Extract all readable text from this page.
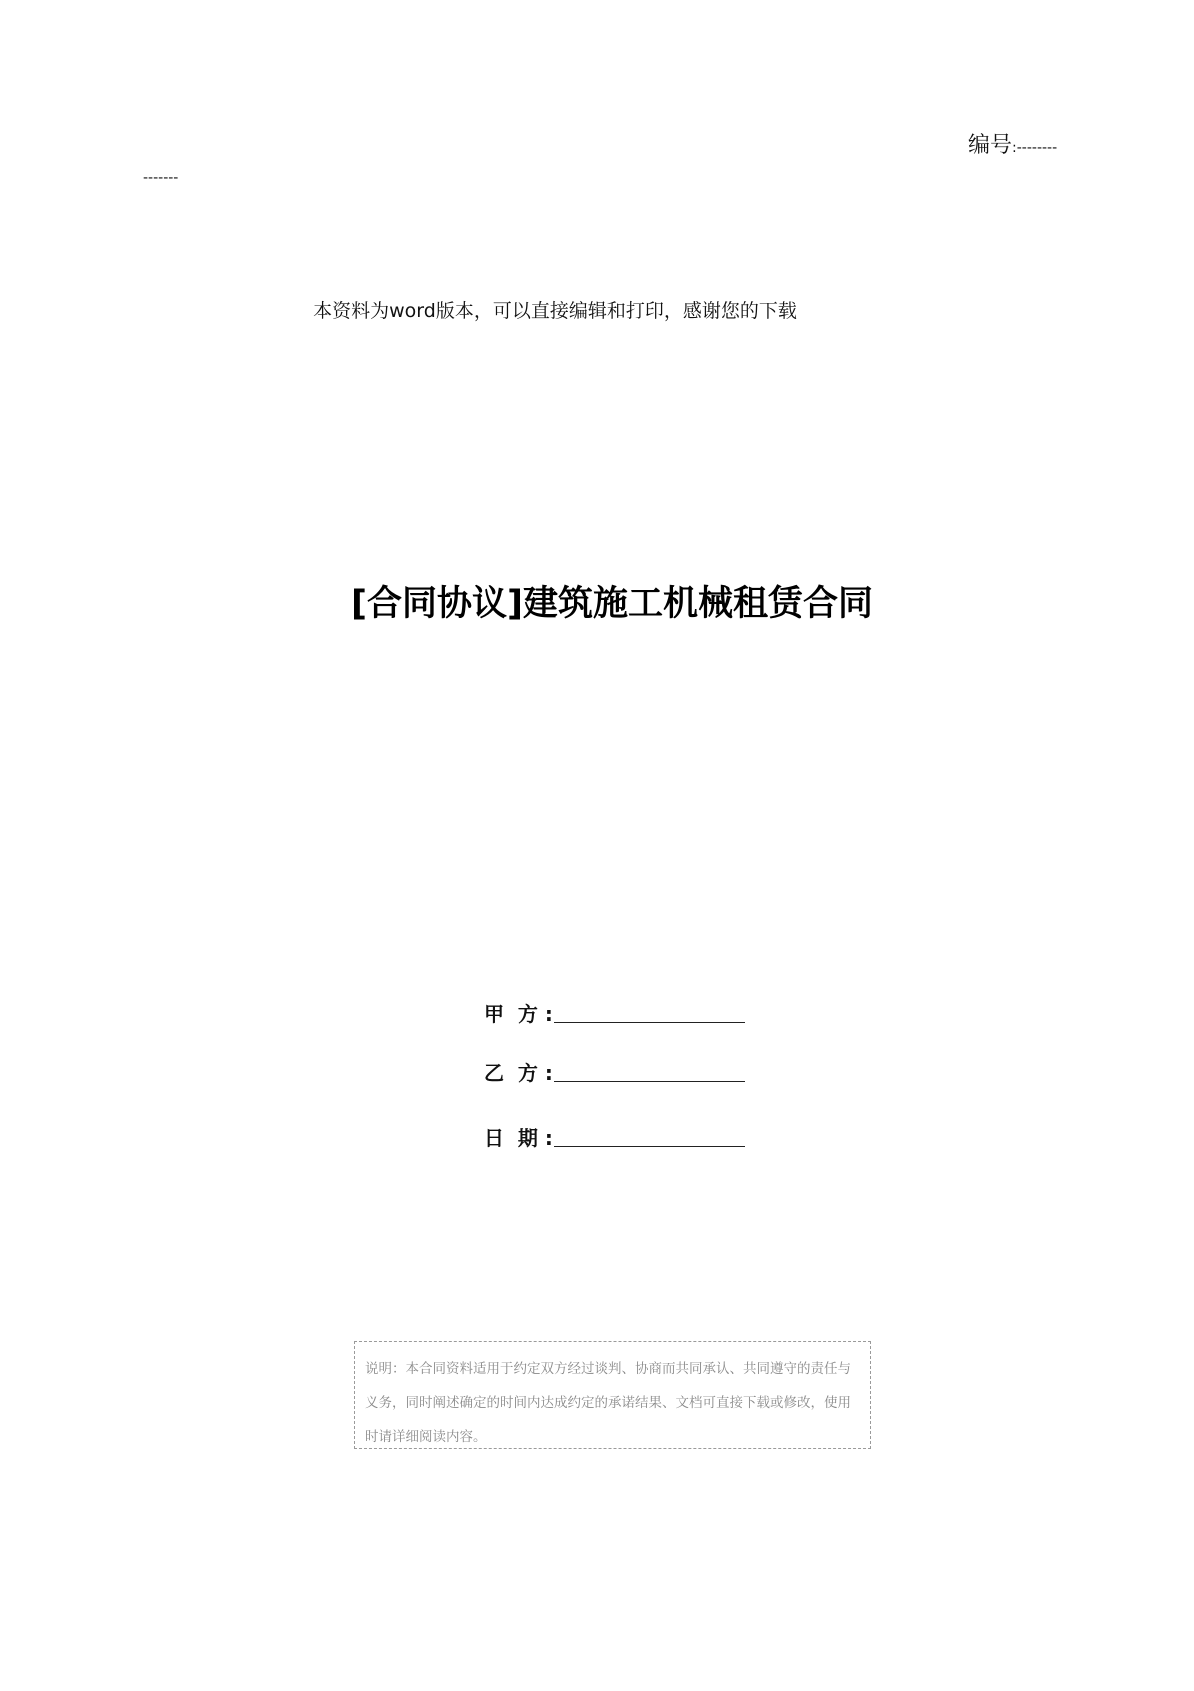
编号:--------
-------
本资料为word版本，可以直接编辑和打印，感谢您的下载
[合同协议]建筑施工机械租赁合同
甲  方 :
乙  方 :
日  期 :
说明：本合同资料适用于约定双方经过谈判、协商而共同承认、共同遵守的责任与义务，同时阐述确定的时间内达成约定的承诺结果、文档可直接下载或修改，使用时请详细阅读内容。
